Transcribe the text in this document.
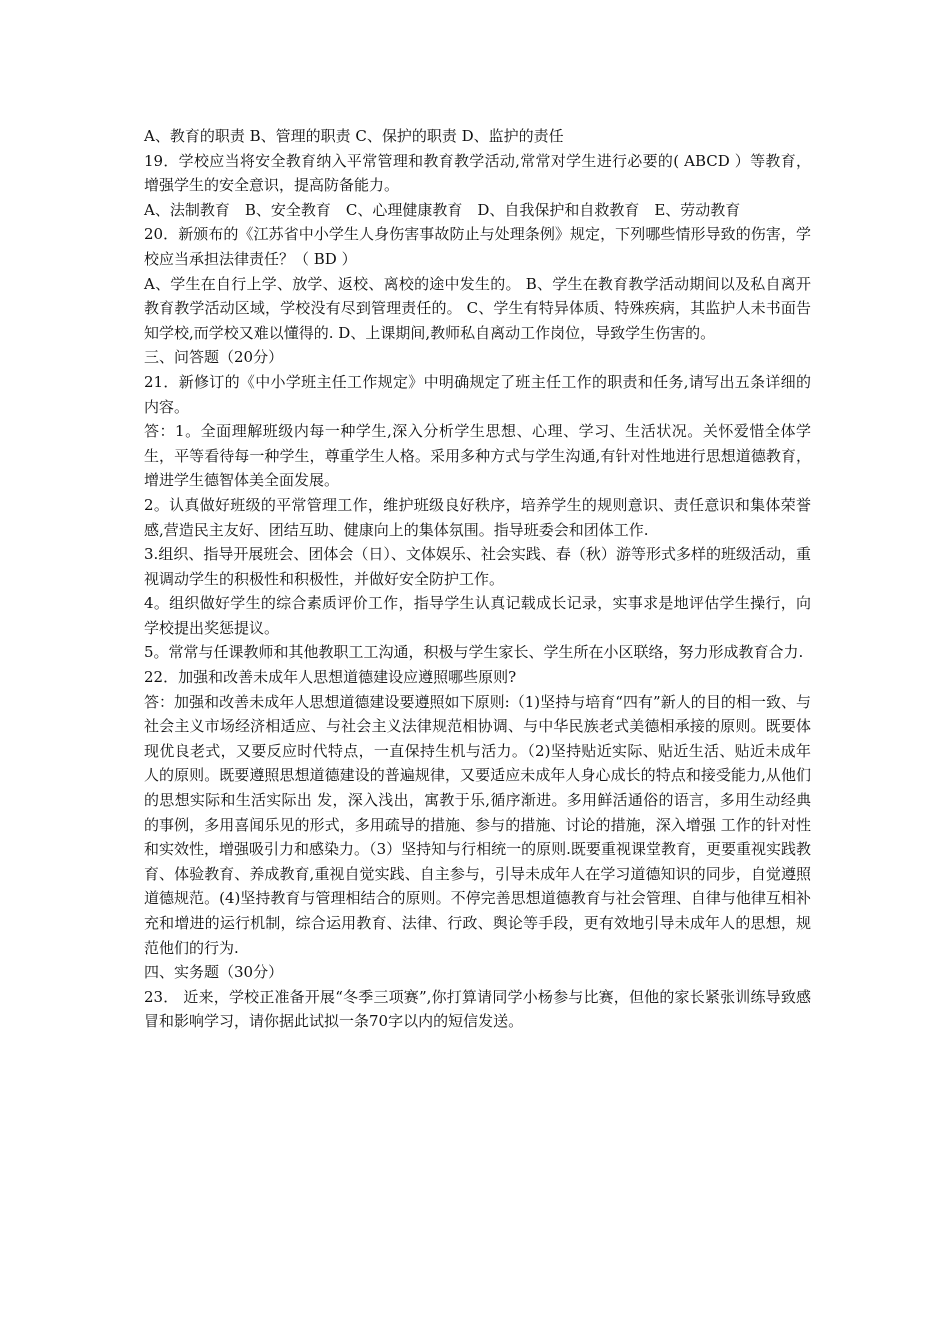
A、教育的职责 B、管理的职责 C、保护的职责 D、监护的责任

19．学校应当将安全教育纳入平常管理和教育教学活动,常常对学生进行必要的( ABCD ）等教育，增强学生的安全意识，提高防备能力。

A、法制教育　B、安全教育　C、心理健康教育　D、自我保护和自救教育　E、劳动教育

20．新颁布的《江苏省中小学生人身伤害事故防止与处理条例》规定，下列哪些情形导致的伤害，学校应当承担法律责任？（ BD ）

A、学生在自行上学、放学、返校、离校的途中发生的。 B、学生在教育教学活动期间以及私自离开教育教学活动区域，学校没有尽到管理责任的。 C、学生有特异体质、特殊疾病，其监护人未书面告知学校,而学校又难以懂得的. D、上课期间,教师私自离动工作岗位，导致学生伤害的。

三、问答题（20分）

21．新修订的《中小学班主任工作规定》中明确规定了班主任工作的职责和任务,请写出五条详细的内容。

答：1。全面理解班级内每一种学生,深入分析学生思想、心理、学习、生活状况。关怀爱惜全体学生，平等看待每一种学生，尊重学生人格。采用多种方式与学生沟通,有针对性地进行思想道德教育，增进学生德智体美全面发展。

2。认真做好班级的平常管理工作，维护班级良好秩序，培养学生的规则意识、责任意识和集体荣誉感,营造民主友好、团结互助、健康向上的集体氛围。指导班委会和团体工作.

3.组织、指导开展班会、团体会（日）、文体娱乐、社会实践、春（秋）游等形式多样的班级活动，重视调动学生的积极性和积极性，并做好安全防护工作。

4。组织做好学生的综合素质评价工作，指导学生认真记载成长记录，实事求是地评估学生操行，向学校提出奖惩提议。

5。常常与任课教师和其他教职工工沟通，积极与学生家长、学生所在小区联络，努力形成教育合力.

22．加强和改善未成年人思想道德建设应遵照哪些原则?

答：加强和改善未成年人思想道德建设要遵照如下原则:（1)坚持与培育“四有”新人的目的相一致、与社会主义市场经济相适应、与社会主义法律规范相协调、与中华民族老式美德相承接的原则。既要体现优良老式，又要反应时代特点，一直保持生机与活力。（2)坚持贴近实际、贴近生活、贴近未成年人的原则。既要遵照思想道德建设的普遍规律，又要适应未成年人身心成长的特点和接受能力,从他们的思想实际和生活实际出 发，深入浅出，寓教于乐,循序渐进。多用鲜活通俗的语言，多用生动经典的事例，多用喜闻乐见的形式，多用疏导的措施、参与的措施、讨论的措施，深入增强 工作的针对性和实效性，增强吸引力和感染力。（3）坚持知与行相统一的原则.既要重视课堂教育，更要重视实践教育、体验教育、养成教育,重视自觉实践、自主参与，引导未成年人在学习道德知识的同步，自觉遵照道德规范。(4)坚持教育与管理相结合的原则。不停完善思想道德教育与社会管理、自律与他律互相补充和增进的运行机制，综合运用教育、法律、行政、舆论等手段，更有效地引导未成年人的思想，规范他们的行为.

四、实务题（30分）

23． 近来，学校正准备开展“冬季三项赛”,你打算请同学小杨参与比赛，但他的家长紧张训练导致感冒和影响学习，请你据此试拟一条70字以内的短信发送。
